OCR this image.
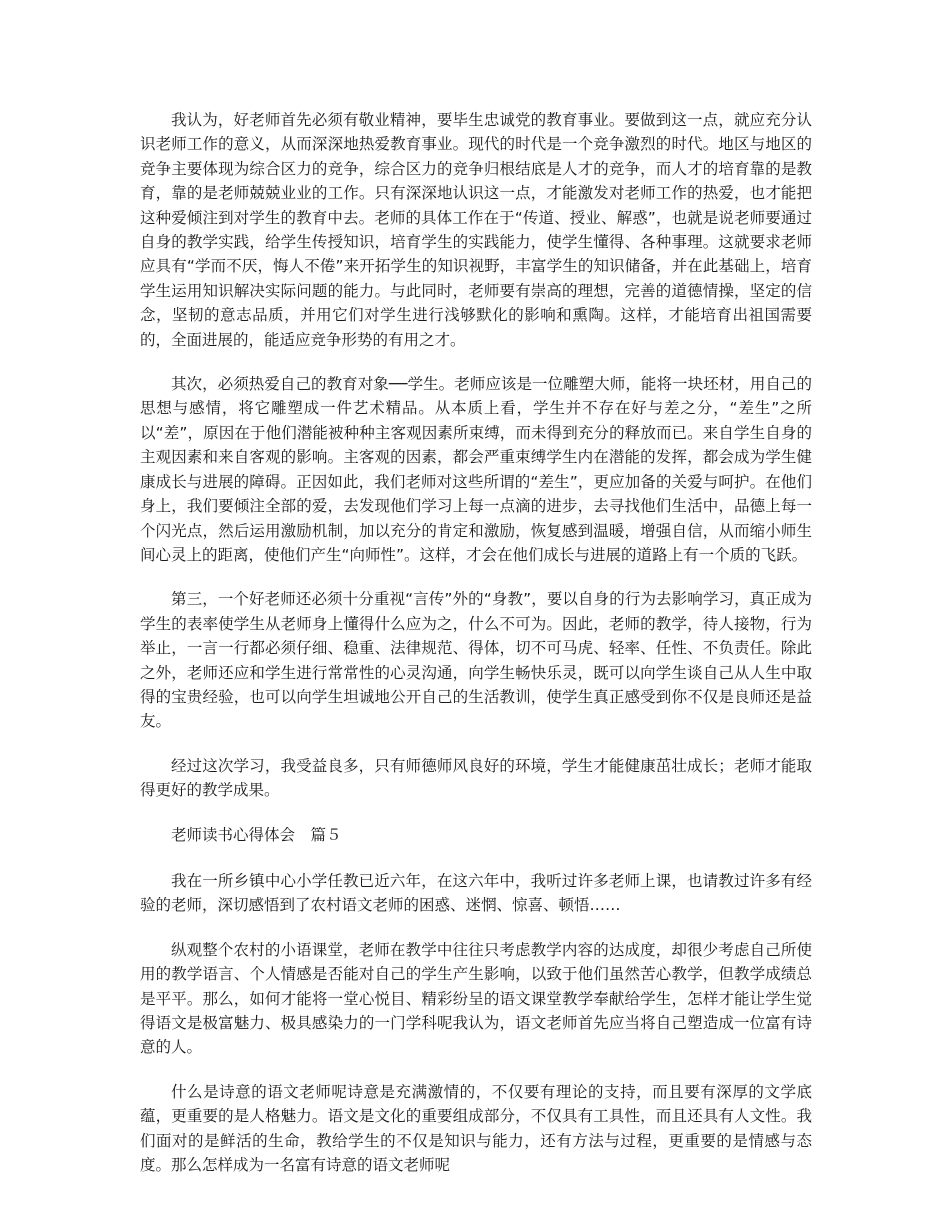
我认为，好老师首先必须有敬业精神，要毕生忠诚党的教育事业。要做到这一点，就应充分认识老师工作的意义，从而深深地热爱教育事业。现代的时代是一个竞争激烈的时代。地区与地区的竞争主要体现为综合区力的竞争，综合区力的竞争归根结底是人才的竞争，而人才的培育靠的是教育，靠的是老师兢兢业业的工作。只有深深地认识这一点，才能激发对老师工作的热爱，也才能把这种爱倾注到对学生的教育中去。老师的具体工作在于“传道、授业、解惑”，也就是说老师要通过自身的教学实践，给学生传授知识，培育学生的实践能力，使学生懂得、各种事理。这就要求老师应具有“学而不厌，悔人不倦”来开拓学生的知识视野，丰富学生的知识储备，并在此基础上，培育学生运用知识解决实际问题的能力。与此同时，老师要有崇高的理想，完善的道德情操，坚定的信念，坚韧的意志品质，并用它们对学生进行浅够默化的影响和熏陶。这样，才能培育出祖国需要的，全面进展的，能适应竞争形势的有用之才。

其次，必须热爱自己的教育对象──学生。老师应该是一位雕塑大师，能将一块坯材，用自己的思想与感情，将它雕塑成一件艺术精品。从本质上看，学生并不存在好与差之分，“差生”之所以“差”，原因在于他们潜能被种种主客观因素所束缚，而未得到充分的释放而已。来自学生自身的主观因素和来自客观的影响。主客观的因素，都会严重束缚学生内在潜能的发挥，都会成为学生健康成长与进展的障碍。正因如此，我们老师对这些所谓的“差生”，更应加备的关爱与呵护。在他们身上，我们要倾注全部的爱，去发现他们学习上每一点滴的进步，去寻找他们生活中，品德上每一个闪光点，然后运用激励机制，加以充分的肯定和激励，恢复感到温暖，增强自信，从而缩小师生间心灵上的距离，使他们产生“向师性”。这样，才会在他们成长与进展的道路上有一个质的飞跃。

第三，一个好老师还必须十分重视“言传”外的“身教”，要以自身的行为去影响学习，真正成为学生的表率使学生从老师身上懂得什么应为之，什么不可为。因此，老师的教学，待人接物，行为举止，一言一行都必须仔细、稳重、法律规范、得体，切不可马虎、轻率、任性、不负责任。除此之外，老师还应和学生进行常常性的心灵沟通，向学生畅快乐灵，既可以向学生谈自己从人生中取得的宝贵经验，也可以向学生坦诚地公开自己的生活教训，使学生真正感受到你不仅是良师还是益友。

经过这次学习，我受益良多，只有师德师风良好的环境，学生才能健康茁壮成长；老师才能取得更好的教学成果。

老师读书心得体会　篇５

我在一所乡镇中心小学任教已近六年，在这六年中，我听过许多老师上课，也请教过许多有经验的老师，深切感悟到了农村语文老师的困惑、迷惘、惊喜、顿悟……

纵观整个农村的小语课堂，老师在教学中往往只考虑教学内容的达成度，却很少考虑自己所使用的教学语言、个人情感是否能对自己的学生产生影响，以致于他们虽然苦心教学，但教学成绩总是平平。那么，如何才能将一堂心悦目、精彩纷呈的语文课堂教学奉献给学生，怎样才能让学生觉得语文是极富魅力、极具感染力的一门学科呢我认为，语文老师首先应当将自己塑造成一位富有诗意的人。

什么是诗意的语文老师呢诗意是充满激情的，不仅要有理论的支持，而且要有深厚的文学底蕴，更重要的是人格魅力。语文是文化的重要组成部分，不仅具有工具性，而且还具有人文性。我们面对的是鲜活的生命，教给学生的不仅是知识与能力，还有方法与过程，更重要的是情感与态度。那么怎样成为一名富有诗意的语文老师呢
